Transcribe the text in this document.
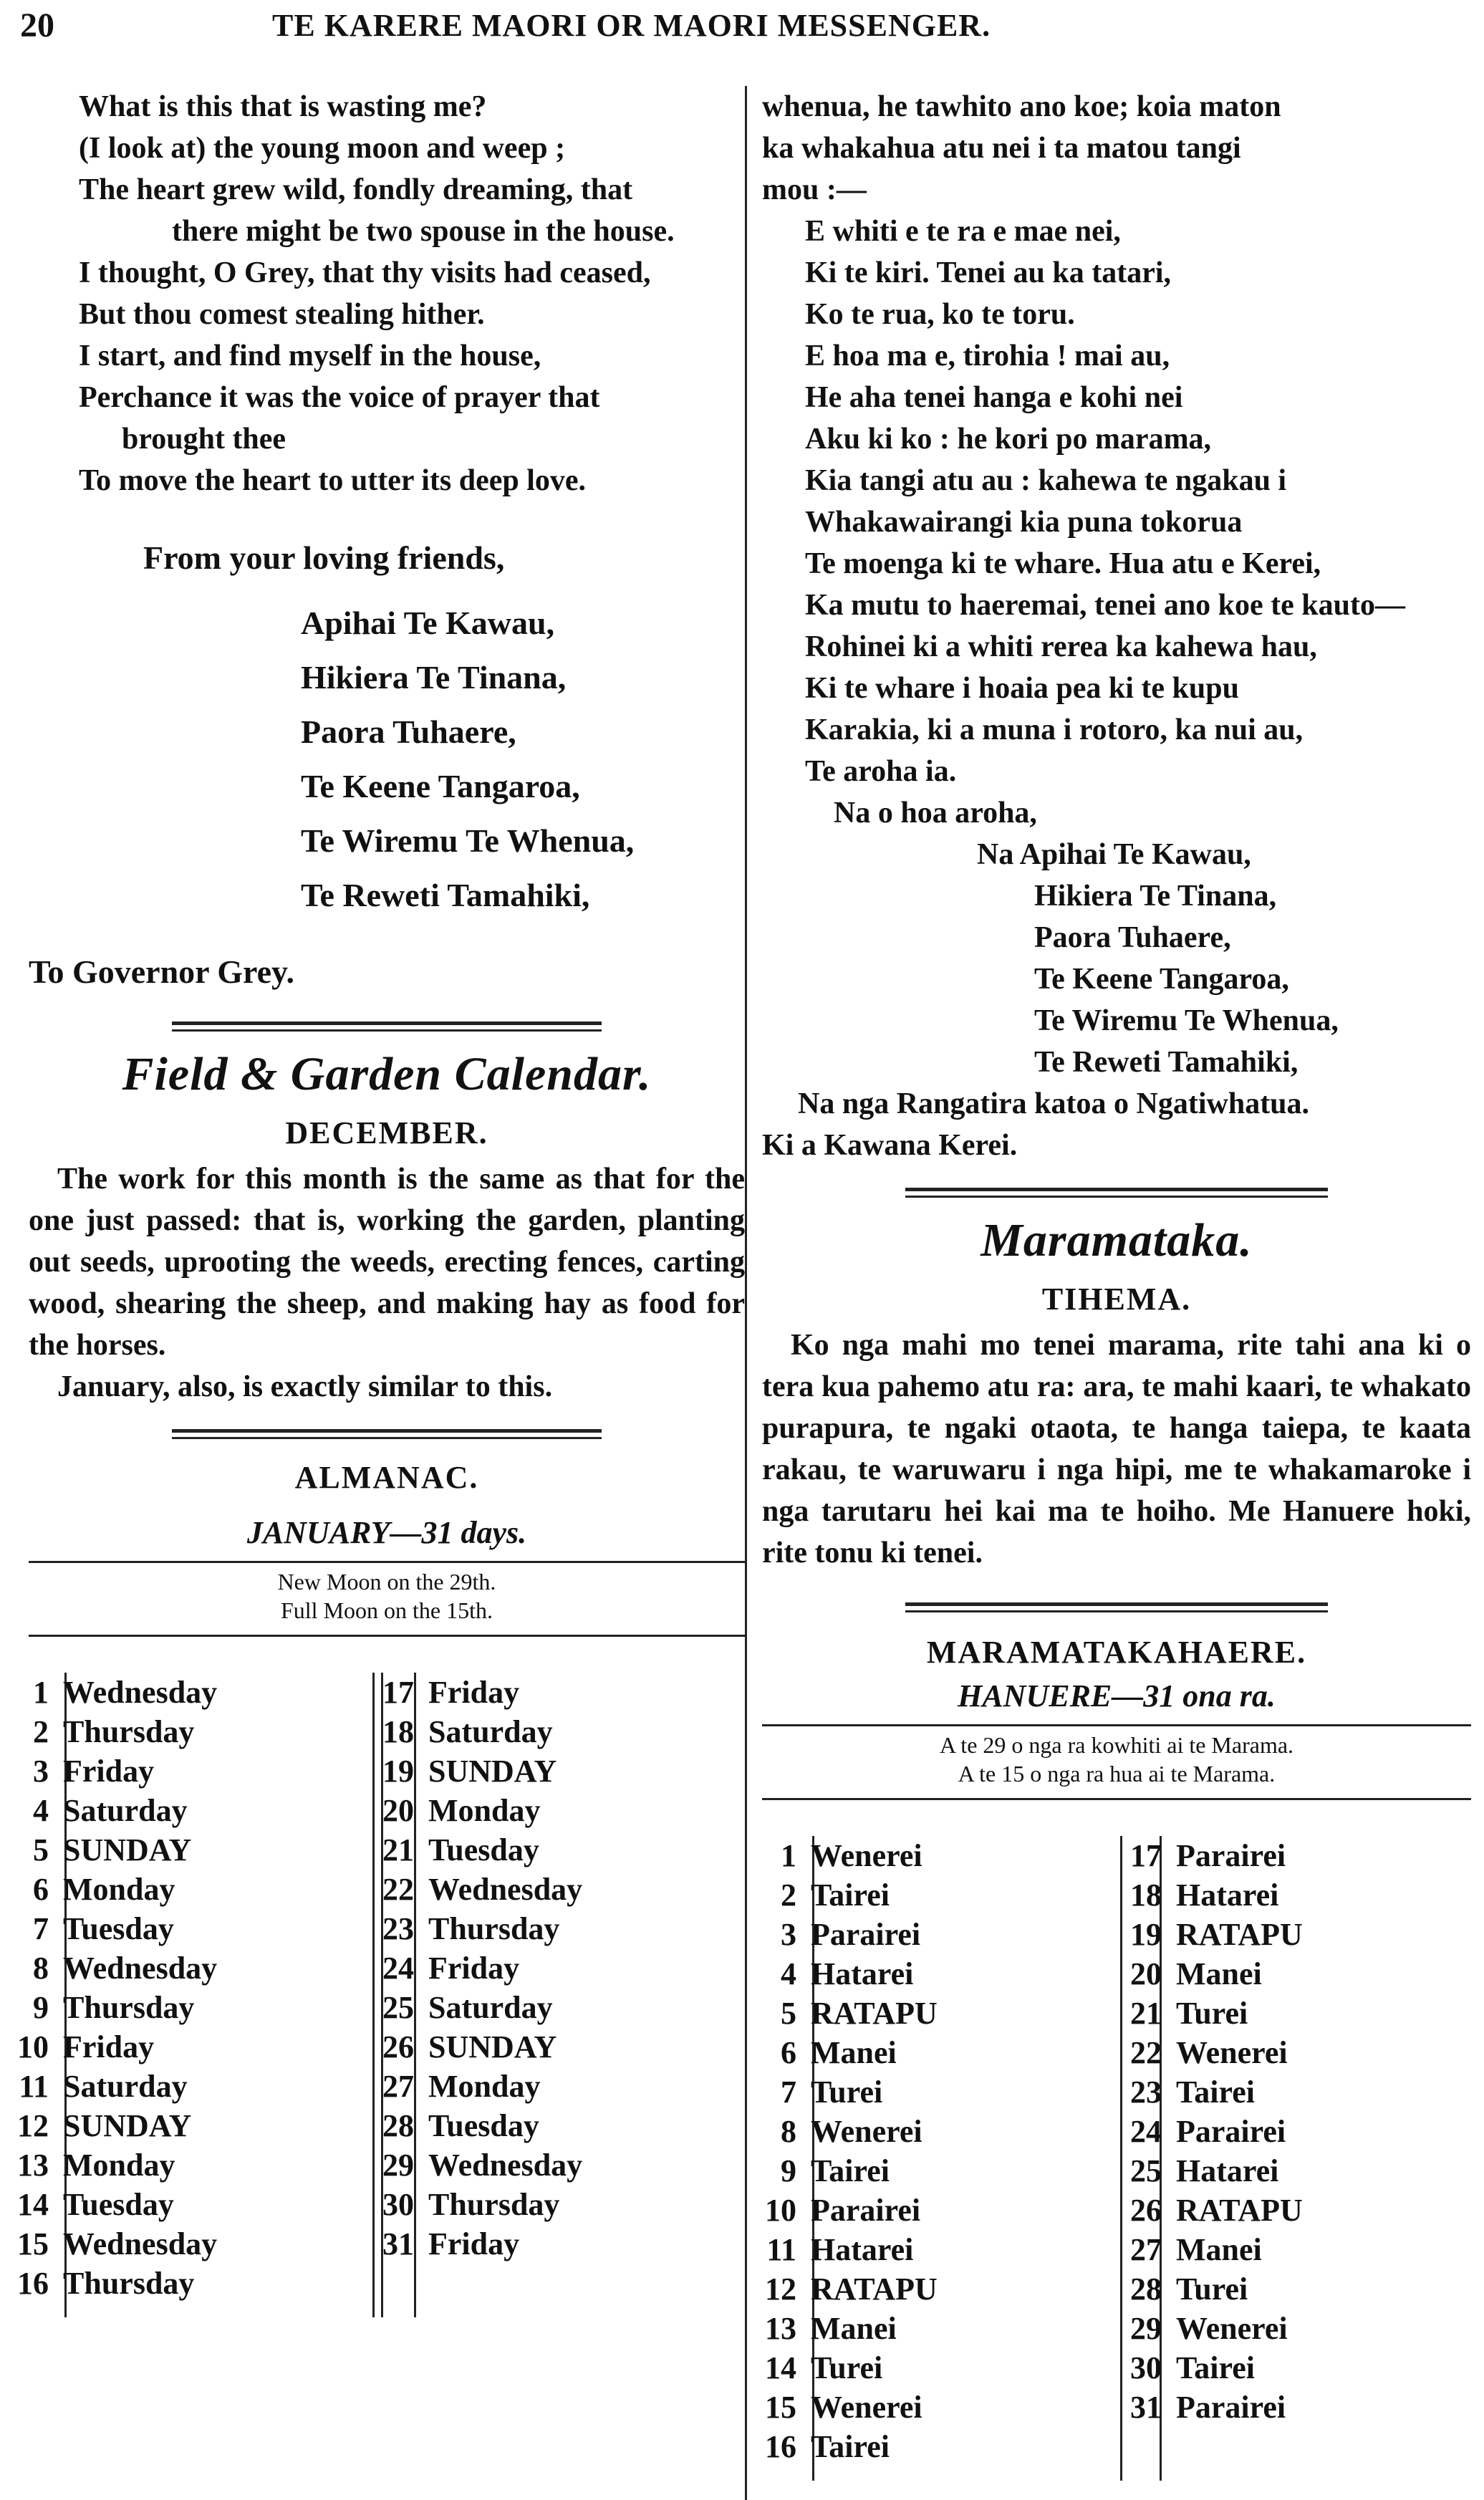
20	TE KARERE MAORI OR MAORI MESSENGER.
What is this that is wasting me?
(I look at) the young moon and weep ;
The heart grew wild, fondly dreaming, that
there might be two spouse in the house.
I thought, O Grey, that thy visits had ceased,
But thou comest stealing hither.
I start, and find myself in the house,
Perchance it was the voice of prayer that
brought thee
To move the heart to utter its deep love.
From your loving friends,
Apihai Te Kawau,
Hikiera Te Tinana,
Paora Tuhaere,
Te Keene Tangaroa,
Te Wiremu Te Whenua,
Te Reweti Tamahiki,
To Governor Grey.
Field & Garden Calendar.
DECEMBER.
The work for this month is the same as that for the one just passed: that is, working the garden, planting out seeds, uprooting the weeds, erecting fences, carting wood, shearing the sheep, and making hay as food for the horses.
January, also, is exactly similar to this.
ALMANAC.
JANUARY—31 days.
New Moon on the 29th.
Full Moon on the 15th.
1 Wednesday
2 Thursday
3 Friday
4 Saturday
5 SUNDAY
6 Monday
7 Tuesday
8 Wednesday
9 Thursday
10 Friday
11 Saturday
12 SUNDAY
13 Monday
14 Tuesday
15 Wednesday
16 Thursday
17 Friday
18 Saturday
19 SUNDAY
20 Monday
21 Tuesday
22 Wednesday
23 Thursday
24 Friday
25 Saturday
26 SUNDAY
27 Monday
28 Tuesday
29 Wednesday
30 Thursday
31 Friday
whenua, he tawhito ano koe; koia maton
ka whakahua atu nei i ta matou tangi
mou :—
E whiti e te ra e mae nei,
Ki te kiri. Tenei au ka tatari,
Ko te rua, ko te toru.
E hoa ma e, tirohia ! mai au,
He aha tenei hanga e kohi nei
Aku ki ko : he kori po marama,
Kia tangi atu au : kahewa te ngakau i
Whakawairangi kia puna tokorua
Te moenga ki te whare. Hua atu e Kerei,
Ka mutu to haeremai, tenei ano koe te kauto—
Rohinei ki a whiti rerea ka kahewa hau,
Ki te whare i hoaia pea ki te kupu
Karakia, ki a muna i rotoro, ka nui au,
Te aroha ia.
Na o hoa aroha,
Na Apihai Te Kawau,
Hikiera Te Tinana,
Paora Tuhaere,
Te Keene Tangaroa,
Te Wiremu Te Whenua,
Te Reweti Tamahiki,
Na nga Rangatira katoa o Ngatiwhatua.
Ki a Kawana Kerei.
Maramataka.
TIHEMA.
Ko nga mahi mo tenei marama, rite tahi ana ki o tera kua pahemo atu ra: ara, te mahi kaari, te whakato purapura, te ngaki otaota, te hanga taiepa, te kaata rakau, te waruwaru i nga hipi, me te whakamaroke i nga tarutaru hei kai ma te hoiho. Me Hanuere hoki, rite tonu ki tenei.
MARAMATAKAHAERE.
HANUERE—31 ona ra.
A te 29 o nga ra kowhiti ai te Marama.
A te 15 o nga ra hua ai te Marama.
1 Wenerei
2 Tairei
3 Parairei
4 Hatarei
5 RATAPU
6 Manei
7 Turei
8 Wenerei
9 Tairei
10 Parairei
11 Hatarei
12 RATAPU
13 Manei
14 Turei
15 Wenerei
16 Tairei
17 Parairei
18 Hatarei
19 RATAPU
20 Manei
21 Turei
22 Wenerei
23 Tairei
24 Parairei
25 Hatarei
26 RATAPU
27 Manei
28 Turei
29 Wenerei
30 Tairei
31 Parairei
